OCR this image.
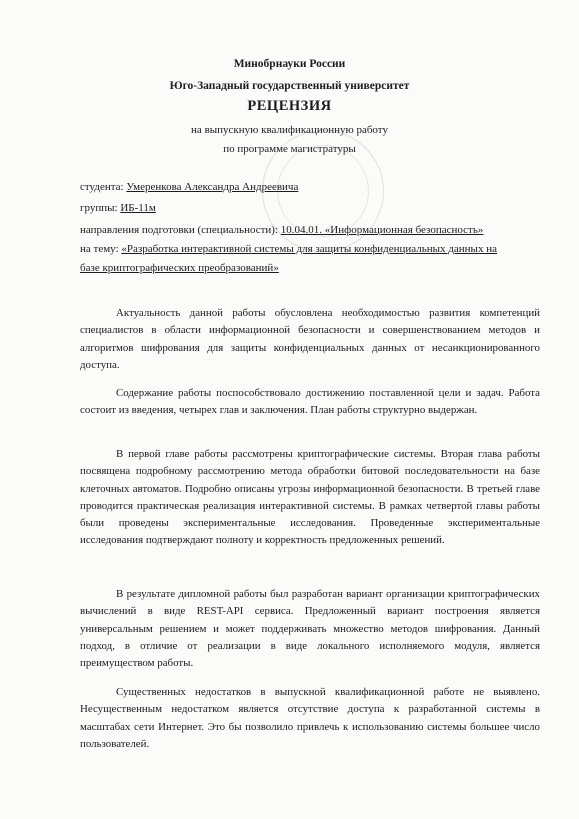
Минобрнауки России
Юго-Западный государственный университет
РЕЦЕНЗИЯ
на выпускную квалификационную работу
по программе магистратуры
студента: Умеренкова Александра Андреевича
группы: ИБ-11м
направления подготовки (специальности): 10.04.01. «Информационная безопасность»
на тему: «Разработка интерактивной системы для защиты конфиденциальных данных на
базе криптографических преобразований»

Актуальность данной работы обусловлена необходимостью развития компетенций специалистов в области информационной безопасности и совершенствованием методов и алгоритмов шифрования для защиты конфиденциальных данных от несанкционированного доступа.

Содержание работы поспособствовало достижению поставленной цели и задач. Работа состоит из введения, четырех глав и заключения. План работы структурно выдержан.

В первой главе работы рассмотрены криптографические системы. Вторая глава работы посвящена подробному рассмотрению метода обработки битовой последовательности на базе клеточных автоматов. Подробно описаны угрозы информационной безопасности. В третьей главе проводится практическая реализация интерактивной системы. В рамках четвертой главы работы были проведены экспериментальные исследования. Проведенные экспериментальные исследования подтверждают полноту и корректность предложенных решений.

В результате дипломной работы был разработан вариант организации криптографических вычислений в виде REST-API сервиса. Предложенный вариант построения является универсальным решением и может поддерживать множество методов шифрования. Данный подход, в отличие от реализации в виде локального исполняемого модуля, является преимуществом работы.

Существенных недостатков в выпускной квалификационной работе не выявлено. Несущественным недостатком является отсутствие доступа к разработанной системы в масштабах сети Интернет. Это бы позволило привлечь к использованию системы большее число пользователей.
